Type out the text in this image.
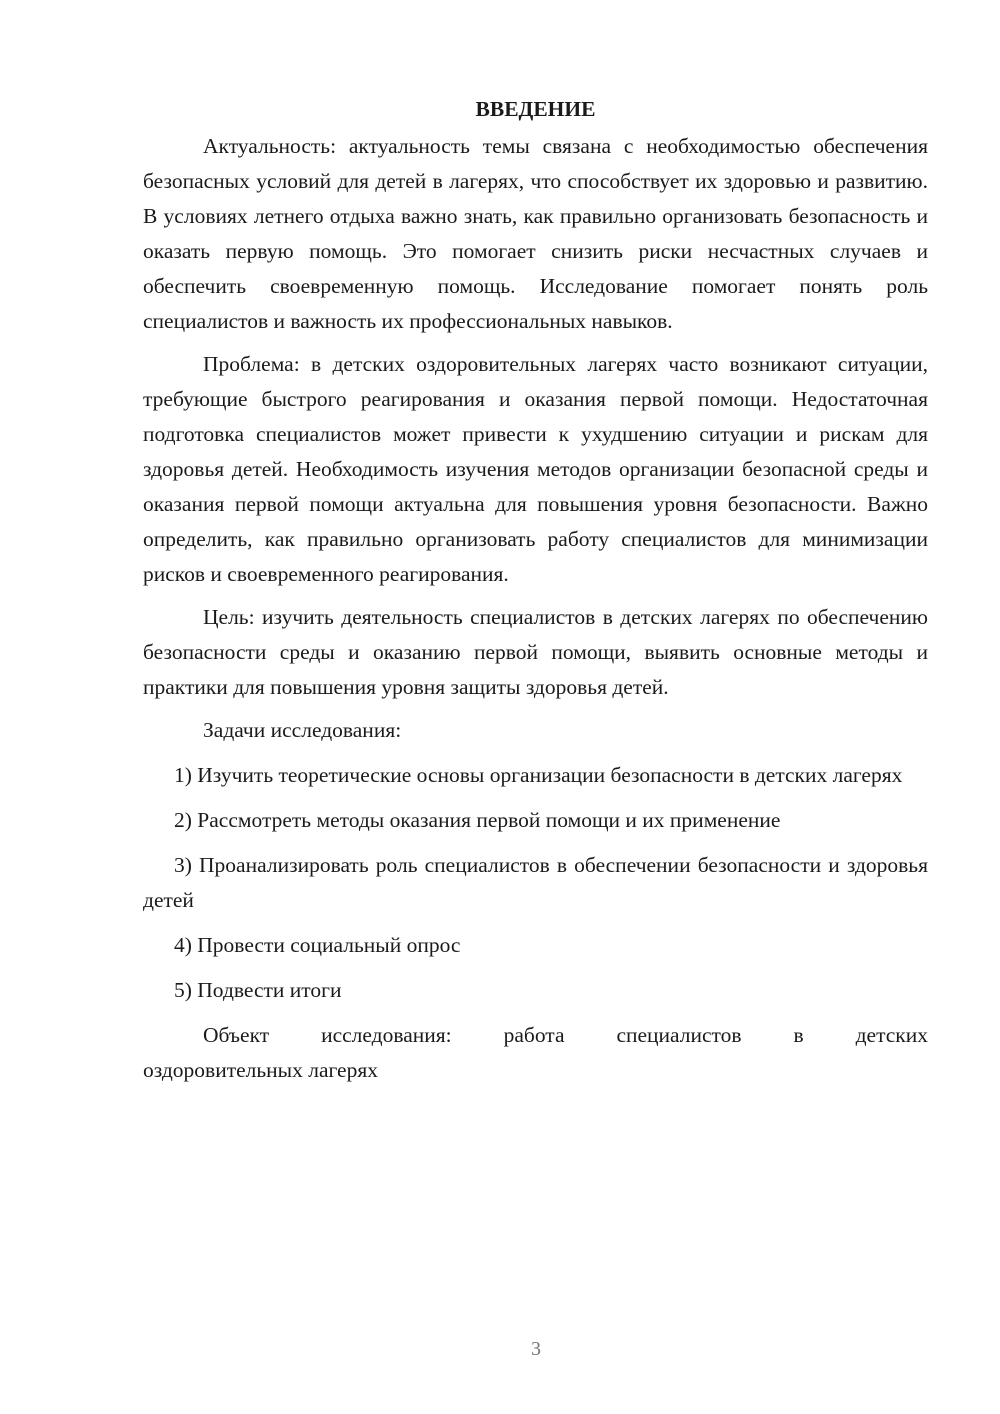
ВВЕДЕНИЕ

Актуальность: актуальность темы связана с необходимостью обеспечения безопасных условий для детей в лагерях, что способствует их здоровью и развитию. В условиях летнего отдыха важно знать, как правильно организовать безопасность и оказать первую помощь. Это помогает снизить риски несчастных случаев и обеспечить своевременную помощь. Исследование помогает понять роль специалистов и важность их профессиональных навыков.

Проблема: в детских оздоровительных лагерях часто возникают ситуации, требующие быстрого реагирования и оказания первой помощи. Недостаточная подготовка специалистов может привести к ухудшению ситуации и рискам для здоровья детей. Необходимость изучения методов организации безопасной среды и оказания первой помощи актуальна для повышения уровня безопасности. Важно определить, как правильно организовать работу специалистов для минимизации рисков и своевременного реагирования.

Цель: изучить деятельность специалистов в детских лагерях по обеспечению безопасности среды и оказанию первой помощи, выявить основные методы и практики для повышения уровня защиты здоровья детей.

Задачи исследования:

1) Изучить теоретические основы организации безопасности в детских лагерях

2) Рассмотреть методы оказания первой помощи и их применение

3) Проанализировать роль специалистов в обеспечении безопасности и здоровья детей

4) Провести социальный опрос

5) Подвести итоги

Объект исследования: работа специалистов в детских
оздоровительных лагерях
3
